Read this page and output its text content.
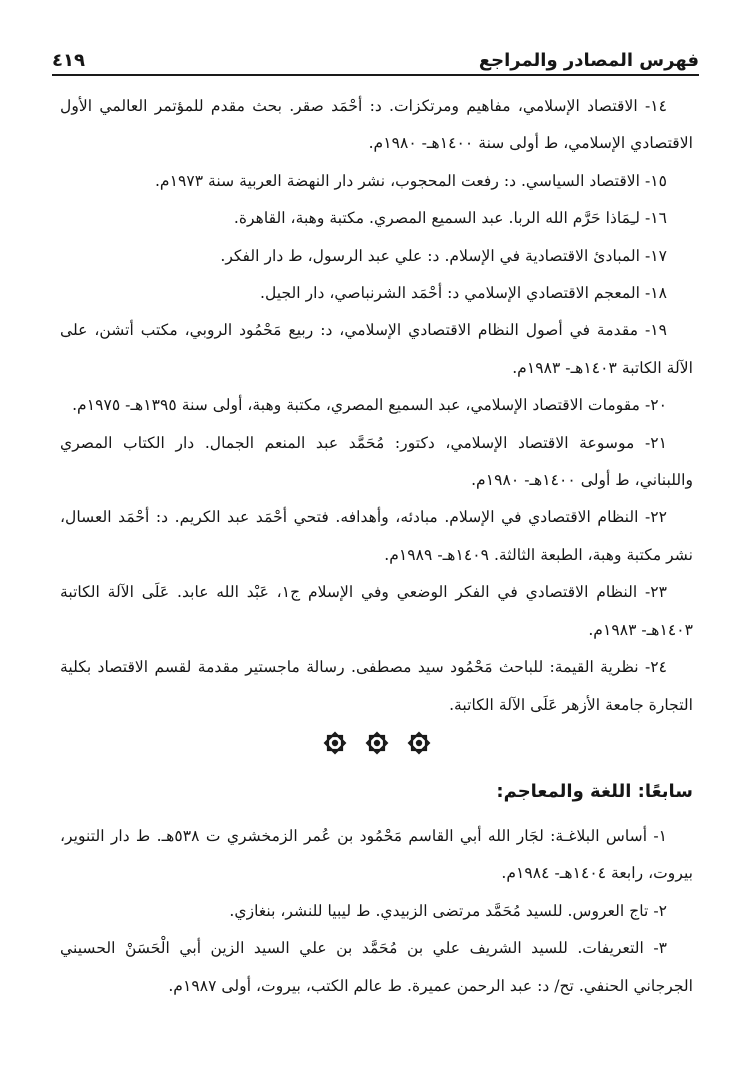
٤١٩	فهرس المصادر والمراجع

١٤- الاقتصاد الإسلامي، مفاهيم ومرتكزات. د: أحْمَد صقر. بحث مقدم للمؤتمر العالمي الأول الاقتصادي الإسلامي، ط أولى سنة ١٤٠٠هـ- ١٩٨٠م.

١٥- الاقتصاد السياسي. د: رفعت المحجوب، نشر دار النهضة العربية سنة ١٩٧٣م.

١٦- لـِمَاذا حَرَّم الله الربا. عبد السميع المصري. مكتبة وهبة، القاهرة.

١٧- المبادئ الاقتصادية في الإسلام. د: علي عبد الرسول، ط دار الفكر.

١٨- المعجم الاقتصادي الإسلامي د: أحْمَد الشرنباصي، دار الجيل.

١٩- مقدمة في أصول النظام الاقتصادي الإسلامي، د: ربيع مَحْمُود الروبي، مكتب أتشن، على الآلة الكاتبة ١٤٠٣هـ- ١٩٨٣م.

٢٠- مقومات الاقتصاد الإسلامي، عبد السميع المصري، مكتبة وهبة، أولى سنة ١٣٩٥هـ- ١٩٧٥م.

٢١- موسوعة الاقتصاد الإسلامي، دكتور: مُحَمَّد عبد المنعم الجمال. دار الكتاب المصري واللبناني، ط أولى ١٤٠٠هـ- ١٩٨٠م.

٢٢- النظام الاقتصادي في الإسلام. مبادئه، وأهدافه. فتحي أحْمَد عبد الكريم. د: أحْمَد العسال، نشر مكتبة وهبة، الطبعة الثالثة. ١٤٠٩هـ- ١٩٨٩م.

٢٣- النظام الاقتصادي في الفكر الوضعي وفي الإسلام ج١، عَبْد الله عابد. عَلَى الآلة الكاتبة ١٤٠٣هـ- ١٩٨٣م.

٢٤- نظرية القيمة: للباحث مَحْمُود سيد مصطفى. رسالة ماجستير مقدمة لقسم الاقتصاد بكلية التجارة جامعة الأزهر عَلَى الآلة الكاتبة.

سابعًا: اللغة والمعاجم:

١- أساس البلاغـة: لجَار الله أبي القاسم مَحْمُود بن عُمر الزمخشري ت ٥٣٨هـ. ط دار التنوير، بيروت، رابعة ١٤٠٤هـ- ١٩٨٤م.

٢- تاج العروس. للسيد مُحَمَّد مرتضى الزبيدي. ط ليبيا للنشر، بنغازي.

٣- التعريفات. للسيد الشريف علي بن مُحَمَّد بن علي السيد الزين أبي الْحَسَنْ الحسيني الجرجاني الحنفي. تح/ د: عبد الرحمن عميرة. ط عالم الكتب، بيروت، أولى ١٩٨٧م.
